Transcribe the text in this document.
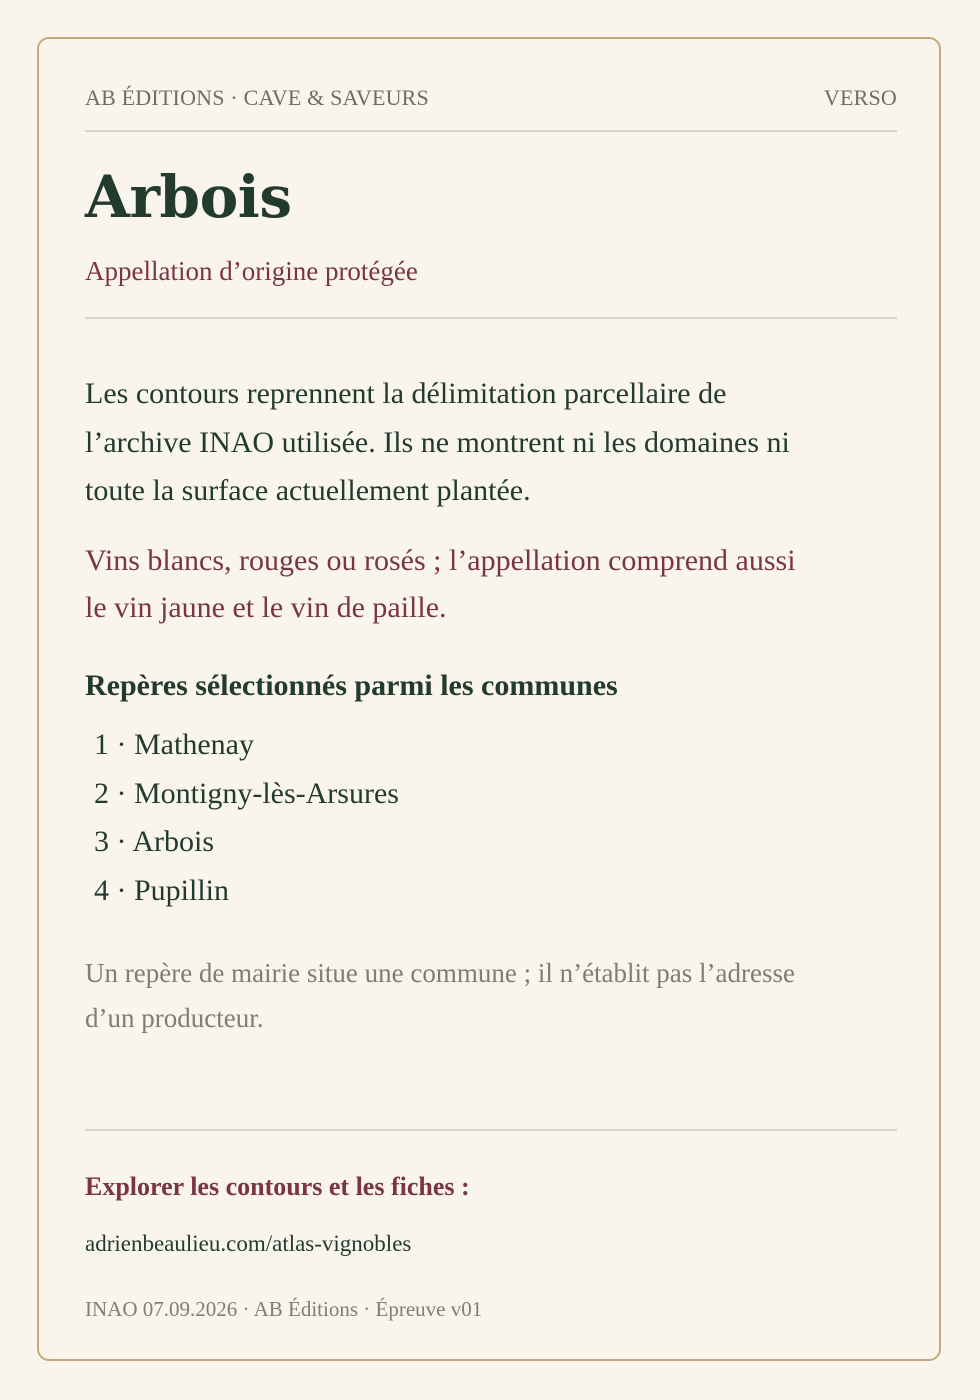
AB ÉDITIONS · CAVE & SAVEURS	VERSO
Arbois
Appellation d’origine protégée

Les contours reprennent la délimitation parcellaire de l’archive INAO utilisée. Ils ne montrent ni les domaines ni toute la surface actuellement plantée.

Vins blancs, rouges ou rosés ; l’appellation comprend aussi le vin jaune et le vin de paille.

Repères sélectionnés parmi les communes
1 · Mathenay
2 · Montigny-lès-Arsures
3 · Arbois
4 · Pupillin

Un repère de mairie situe une commune ; il n’établit pas l’adresse d’un producteur.

Explorer les contours et les fiches :
adrienbeaulieu.com/atlas-vignobles
INAO 07.09.2026 · AB Éditions · Épreuve v01
